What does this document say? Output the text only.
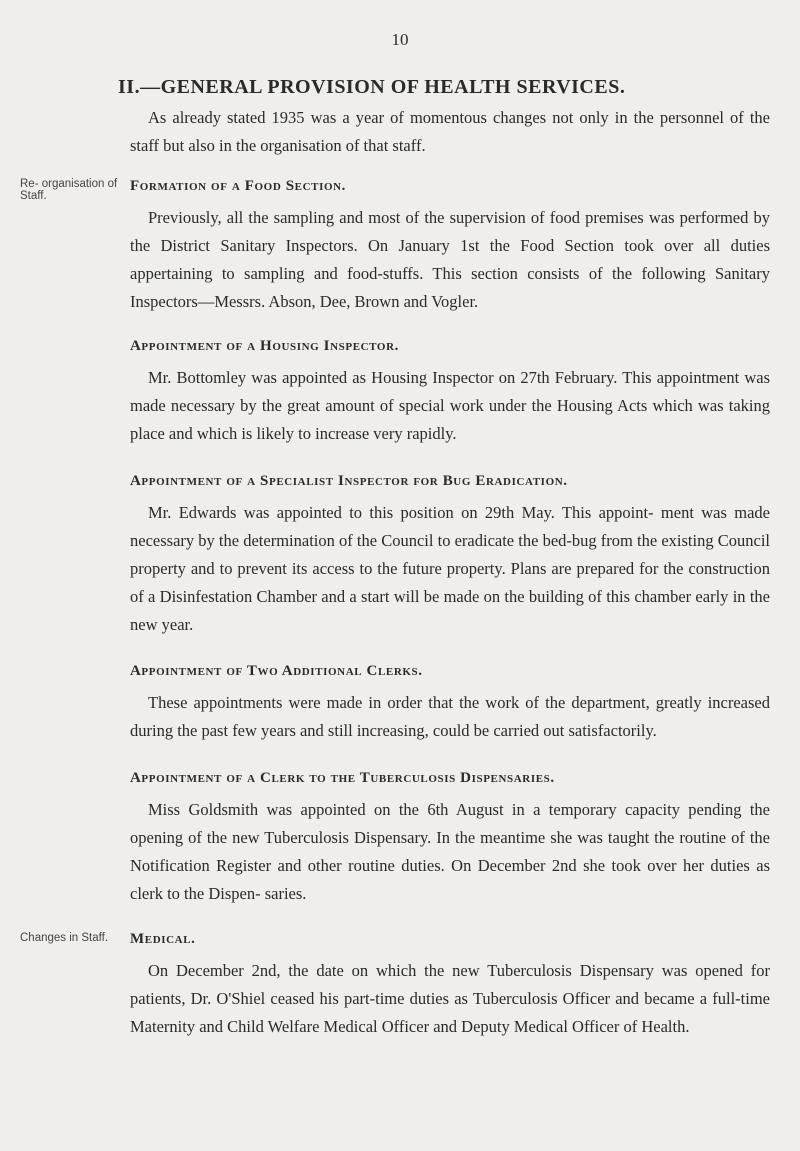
10
II.—GENERAL PROVISION OF HEALTH SERVICES.

As already stated 1935 was a year of momentous changes not only in the personnel of the staff but also in the organisation of that staff.

Re- organisation of Staff.
Formation of a Food Section.

Previously, all the sampling and most of the supervision of food premises was performed by the District Sanitary Inspectors. On January 1st the Food Section took over all duties appertaining to sampling and food-stuffs. This section consists of the following Sanitary Inspectors—Messrs. Abson, Dee, Brown and Vogler.

Appointment of a Housing Inspector.

Mr. Bottomley was appointed as Housing Inspector on 27th February. This appointment was made necessary by the great amount of special work under the Housing Acts which was taking place and which is likely to increase very rapidly.

Appointment of a Specialist Inspector for Bug Eradication.

Mr. Edwards was appointed to this position on 29th May. This appoint- ment was made necessary by the determination of the Council to eradicate the bed-bug from the existing Council property and to prevent its access to the future property. Plans are prepared for the construction of a Disinfestation Chamber and a start will be made on the building of this chamber early in the new year.

Appointment of Two Additional Clerks.

These appointments were made in order that the work of the department, greatly increased during the past few years and still increasing, could be carried out satisfactorily.

Appointment of a Clerk to the Tuberculosis Dispensaries.

Miss Goldsmith was appointed on the 6th August in a temporary capacity pending the opening of the new Tuberculosis Dispensary. In the meantime she was taught the routine of the Notification Register and other routine duties. On December 2nd she took over her duties as clerk to the Dispen- saries.

Changes in Staff.	Medical.

On December 2nd, the date on which the new Tuberculosis Dispensary was opened for patients, Dr. O'Shiel ceased his part-time duties as Tuberculosis Officer and became a full-time Maternity and Child Welfare Medical Officer and Deputy Medical Officer of Health.
